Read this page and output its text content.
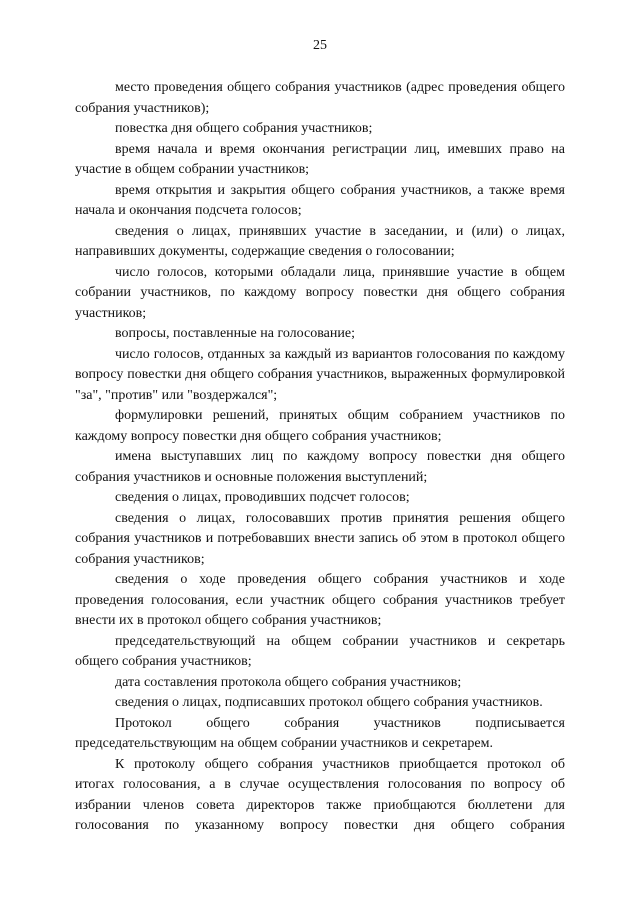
25

место проведения общего собрания участников (адрес проведения общего собрания участников);

повестка дня общего собрания участников;

время начала и время окончания регистрации лиц, имевших право на участие в общем собрании участников;

время открытия и закрытия общего собрания участников, а также время начала и окончания подсчета голосов;

сведения о лицах, принявших участие в заседании, и (или) о лицах, направивших документы, содержащие сведения о голосовании;

число голосов, которыми обладали лица, принявшие участие в общем собрании участников, по каждому вопросу повестки дня общего собрания участников;

вопросы, поставленные на голосование;

число голосов, отданных за каждый из вариантов голосования по каждому вопросу повестки дня общего собрания участников, выраженных формулировкой "за", "против" или "воздержался";

формулировки решений, принятых общим собранием участников по каждому вопросу повестки дня общего собрания участников;

имена выступавших лиц по каждому вопросу повестки дня общего собрания участников и основные положения выступлений;

сведения о лицах, проводивших подсчет голосов;

сведения о лицах, голосовавших против принятия решения общего собрания участников и потребовавших внести запись об этом в протокол общего собрания участников;

сведения о ходе проведения общего собрания участников и ходе проведения голосования, если участник общего собрания участников требует внести их в протокол общего собрания участников;

председательствующий на общем собрании участников и секретарь общего собрания участников;

дата составления протокола общего собрания участников;

сведения о лицах, подписавших протокол общего собрания участников.

Протокол общего собрания участников подписывается председательствующим на общем собрании участников и секретарем.

К протоколу общего собрания участников приобщается протокол об итогах голосования, а в случае осуществления голосования по вопросу об избрании членов совета директоров также приобщаются бюллетени для голосования по указанному вопросу повестки дня общего собрания
